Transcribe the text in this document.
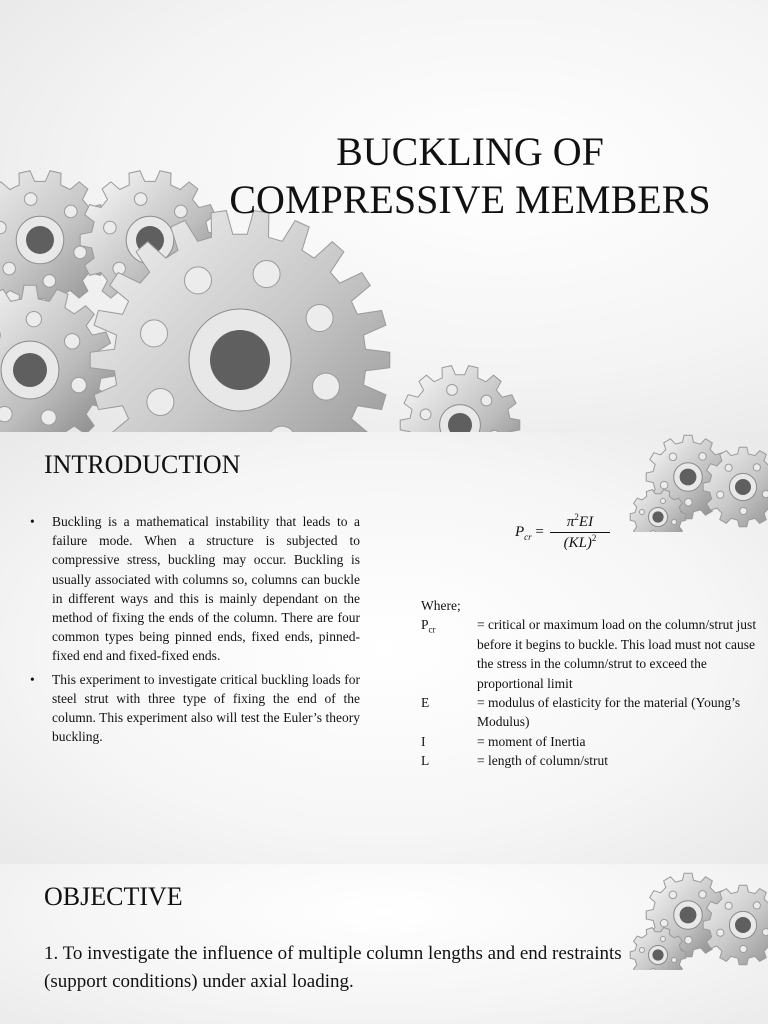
BUCKLING OF
COMPRESSIVE MEMBERS
INTRODUCTION
• Buckling is a mathematical instability that leads to a failure mode. When a structure is subjected to compressive stress, buckling may occur. Buckling is usually associated with columns so, columns can buckle in different ways and this is mainly dependant on the method of fixing the ends of the column. There are four common types being pinned ends, fixed ends, pinned-fixed end and fixed-fixed ends.
• This experiment to investigate critical buckling loads for steel strut with three type of fixing the end of the column. This experiment also will test the Euler’s theory buckling.
$P_{cr} = \frac{\pi^2EI}{(KL)^2}$
Where;
$P_{cr}$	= critical or maximum load on the column/strut just before it begins to buckle. This load must not cause the stress in the column/strut to exceed the proportional limit
E	= modulus of elasticity for the material (Young’s Modulus)
I	= moment of Inertia
L	= length of column/strut
OBJECTIVE
1. To investigate the influence of multiple column lengths and end restraints (support conditions) under axial loading.
